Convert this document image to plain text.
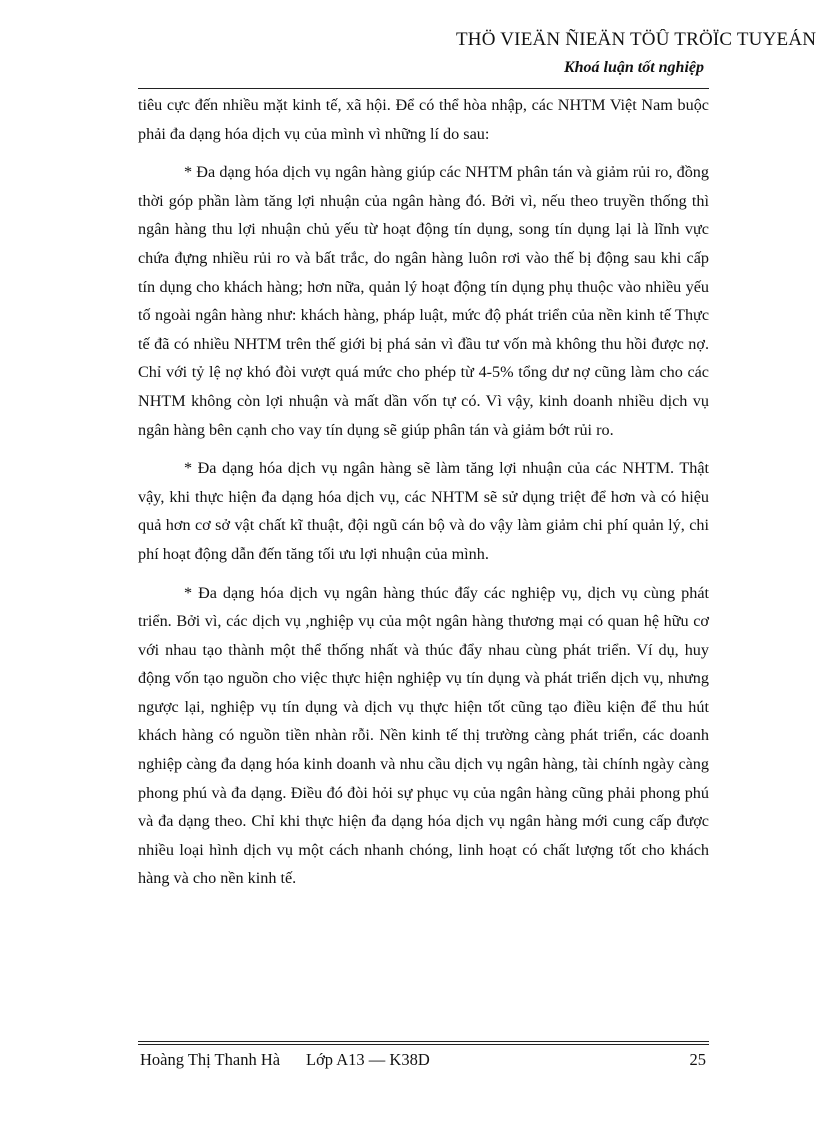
THÖ VIEÄN ÑIEÄN TÖÛ TRÖÏC TUYEÁN
Khoá luận tốt nghiệp

tiêu cực đến nhiều mặt kinh tế, xã hội. Để có thể hòa nhập, các NHTM Việt Nam buộc phải đa dạng hóa dịch vụ của mình vì những lí do sau:

* Đa dạng hóa dịch vụ ngân hàng giúp các NHTM phân tán và giảm rủi ro, đồng thời góp phần làm tăng lợi nhuận của ngân hàng đó. Bởi vì, nếu theo truyền thống thì ngân hàng thu lợi nhuận chủ yếu từ hoạt động tín dụng, song tín dụng lại là lĩnh vực chứa đựng nhiều rủi ro và bất trắc, do ngân hàng luôn rơi vào thế bị động sau khi cấp tín dụng cho khách hàng; hơn nữa, quản lý hoạt động tín dụng phụ thuộc vào nhiều yếu tố ngoài ngân hàng như: khách hàng, pháp luật, mức độ phát triển của nền kinh tế Thực tế đã có nhiều NHTM trên thế giới bị phá sản vì đầu tư vốn mà không thu hồi được nợ. Chỉ với tỷ lệ nợ khó đòi vượt quá mức cho phép từ 4-5% tổng dư nợ cũng làm cho các NHTM không còn lợi nhuận và mất dần vốn tự có. Vì vậy, kinh doanh nhiều dịch vụ ngân hàng bên cạnh cho vay tín dụng sẽ giúp phân tán và giảm bớt rủi ro.

* Đa dạng hóa dịch vụ ngân hàng sẽ làm tăng lợi nhuận của các NHTM. Thật vậy, khi thực hiện đa dạng hóa dịch vụ, các NHTM sẽ sử dụng triệt để hơn và có hiệu quả hơn cơ sở vật chất kĩ thuật, đội ngũ cán bộ và do vậy làm giảm chi phí quản lý, chi phí hoạt động dẫn đến tăng tối ưu lợi nhuận của mình.

* Đa dạng hóa dịch vụ ngân hàng thúc đẩy các nghiệp vụ, dịch vụ cùng phát triển. Bởi vì, các dịch vụ ,nghiệp vụ của một ngân hàng thương mại có quan hệ hữu cơ với nhau tạo thành một thể thống nhất và thúc đẩy nhau cùng phát triển. Ví dụ, huy động vốn tạo nguồn cho việc thực hiện nghiệp vụ tín dụng và phát triển dịch vụ, nhưng ngược lại, nghiệp vụ tín dụng và dịch vụ thực hiện tốt cũng tạo điều kiện để thu hút khách hàng có nguồn tiền nhàn rỗi. Nền kinh tế thị trường càng phát triển, các doanh nghiệp càng đa dạng hóa kinh doanh và nhu cầu dịch vụ ngân hàng, tài chính ngày càng phong phú và đa dạng. Điều đó đòi hỏi sự phục vụ của ngân hàng cũng phải phong phú và đa dạng theo. Chỉ khi thực hiện đa dạng hóa dịch vụ ngân hàng mới cung cấp được nhiều loại hình dịch vụ một cách nhanh chóng, linh hoạt có chất lượng tốt cho khách hàng và cho nền kinh tế.

Hoàng Thị Thanh Hà Lớp A13 — K38D	25
